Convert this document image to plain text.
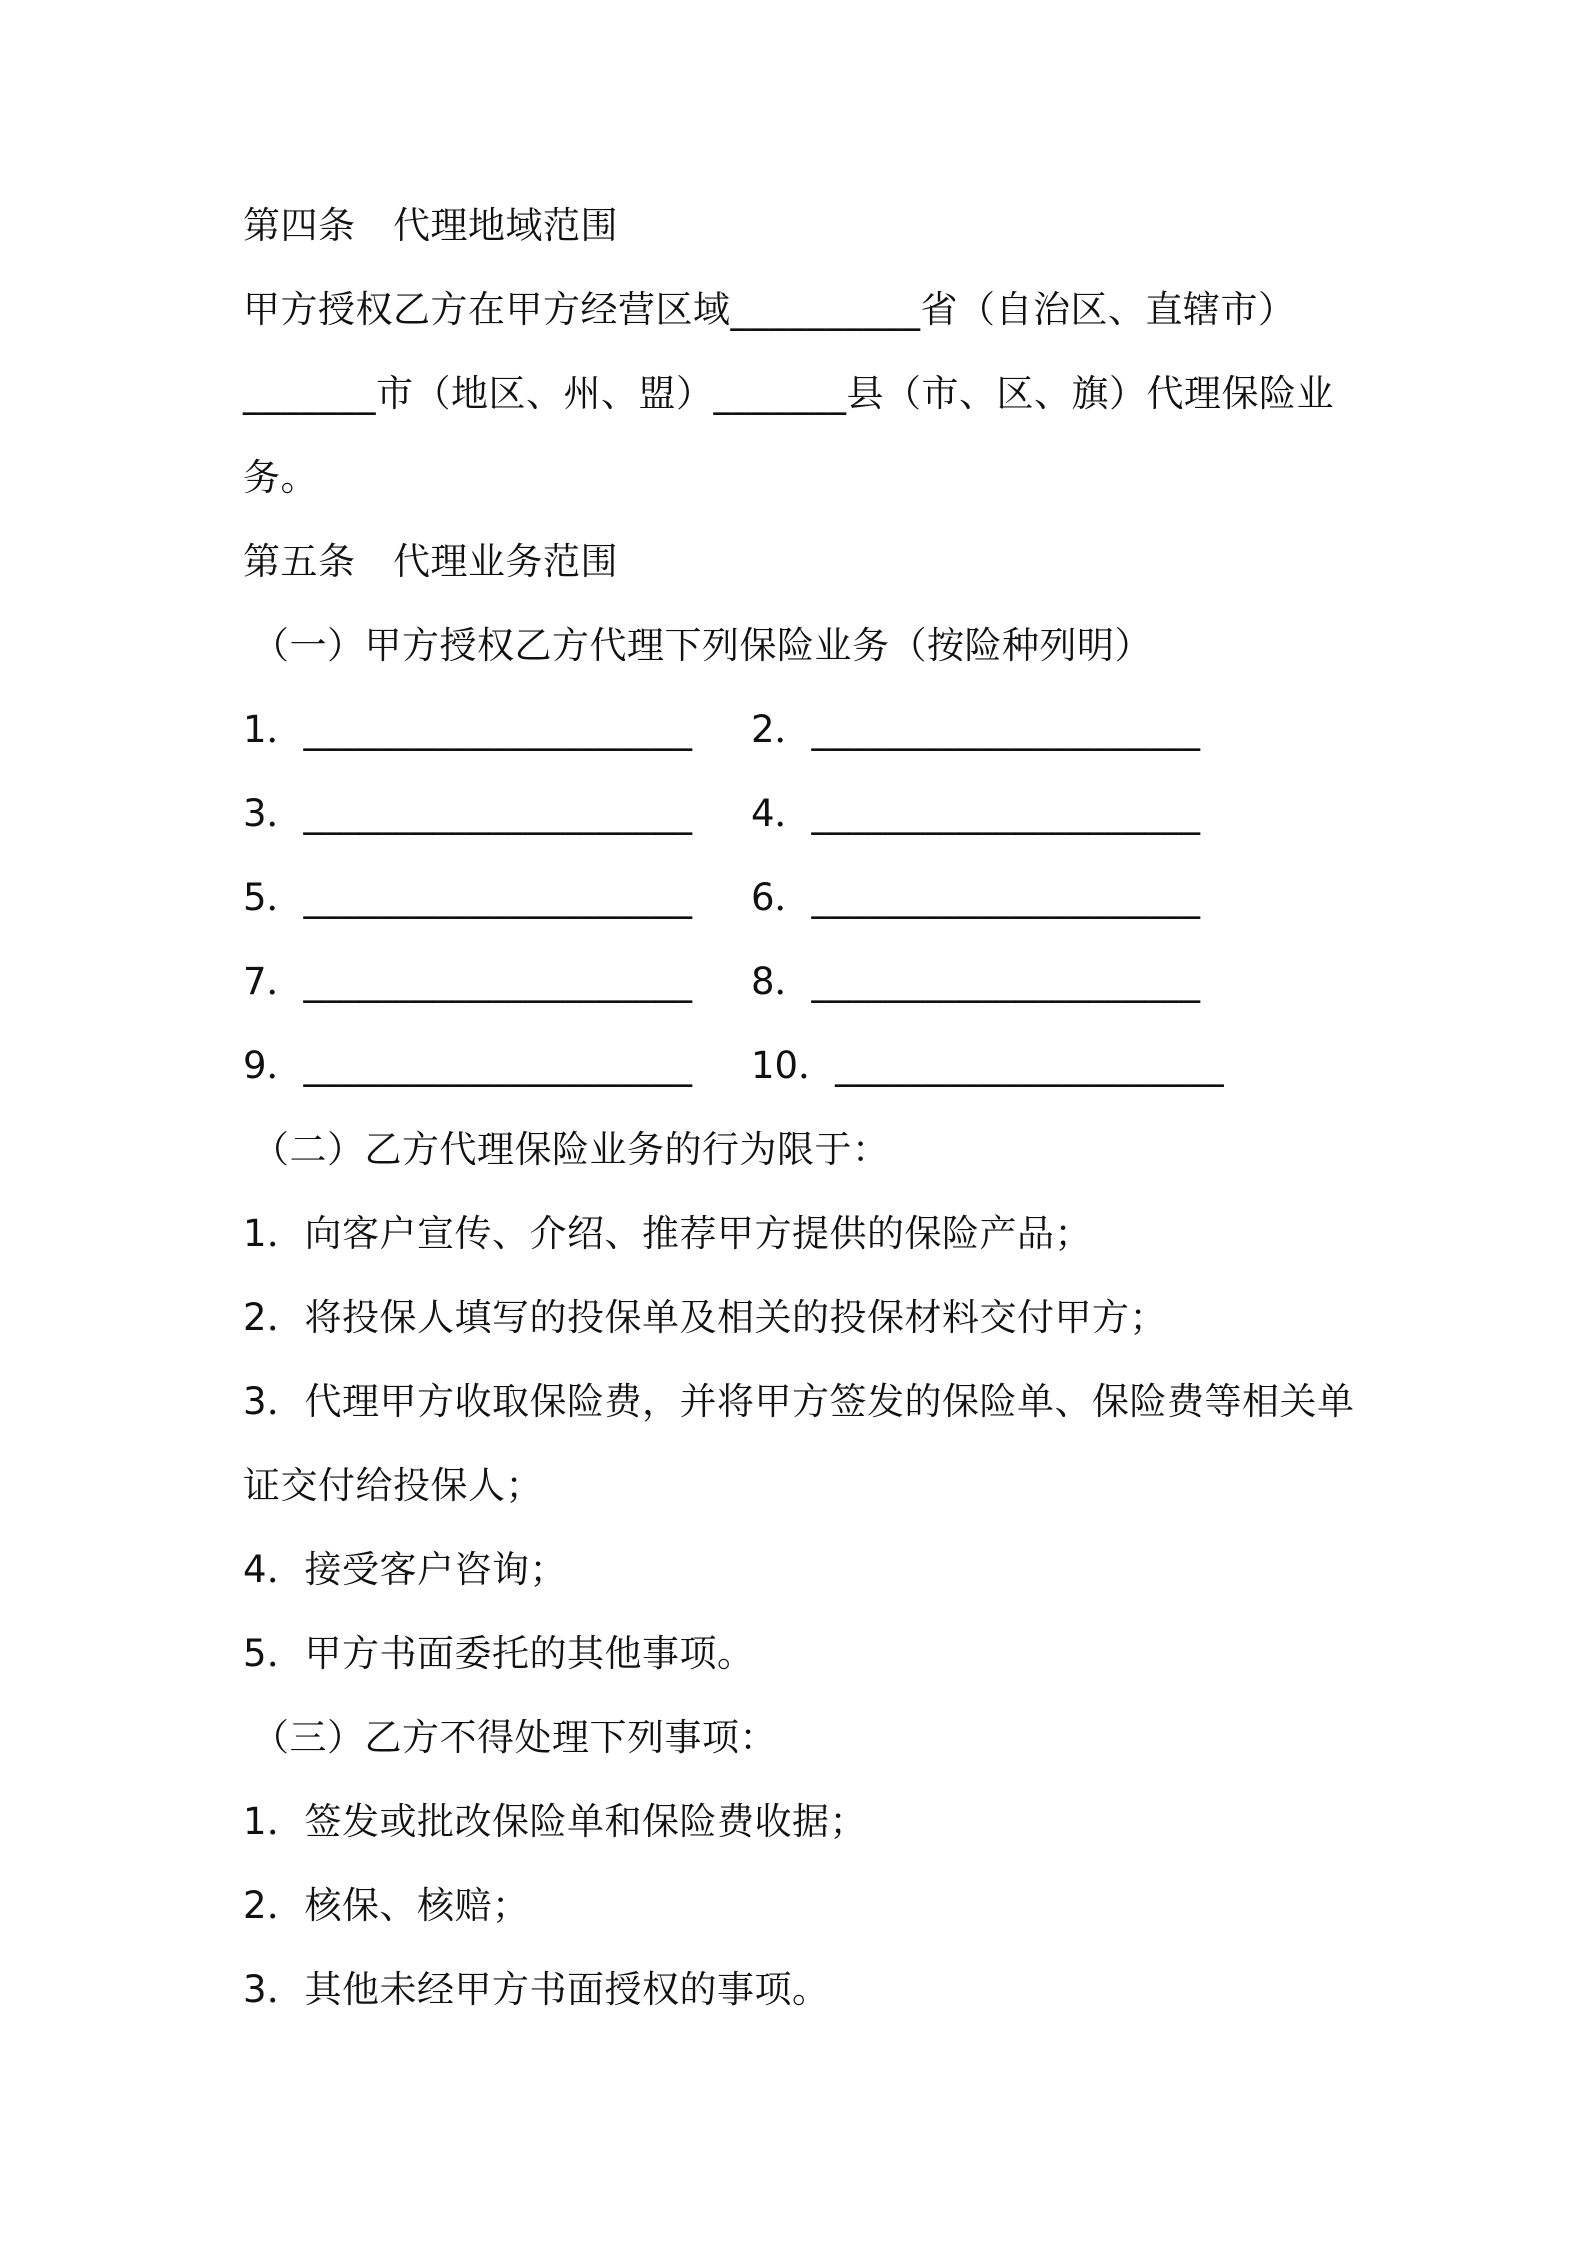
第四条　代理地域范围
甲方授权乙方在甲方经营区域__________省（自治区、直辖市）
_______市（地区、州、盟）_______县（市、区、旗）代理保险业
务。
第五条　代理业务范围
（一）甲方授权乙方代理下列保险业务（按险种列明）
1．_____________________ 2．_____________________
3．_____________________ 4．_____________________
5．_____________________ 6．_____________________
7．_____________________ 8．_____________________
9．_____________________ 10．_____________________
（二）乙方代理保险业务的行为限于：
1．向客户宣传、介绍、推荐甲方提供的保险产品；
2．将投保人填写的投保单及相关的投保材料交付甲方；
3．代理甲方收取保险费，并将甲方签发的保险单、保险费等相关单
证交付给投保人；
4．接受客户咨询；
5．甲方书面委托的其他事项。
（三）乙方不得处理下列事项：
1．签发或批改保险单和保险费收据；
2．核保、核赔；
3．其他未经甲方书面授权的事项。
